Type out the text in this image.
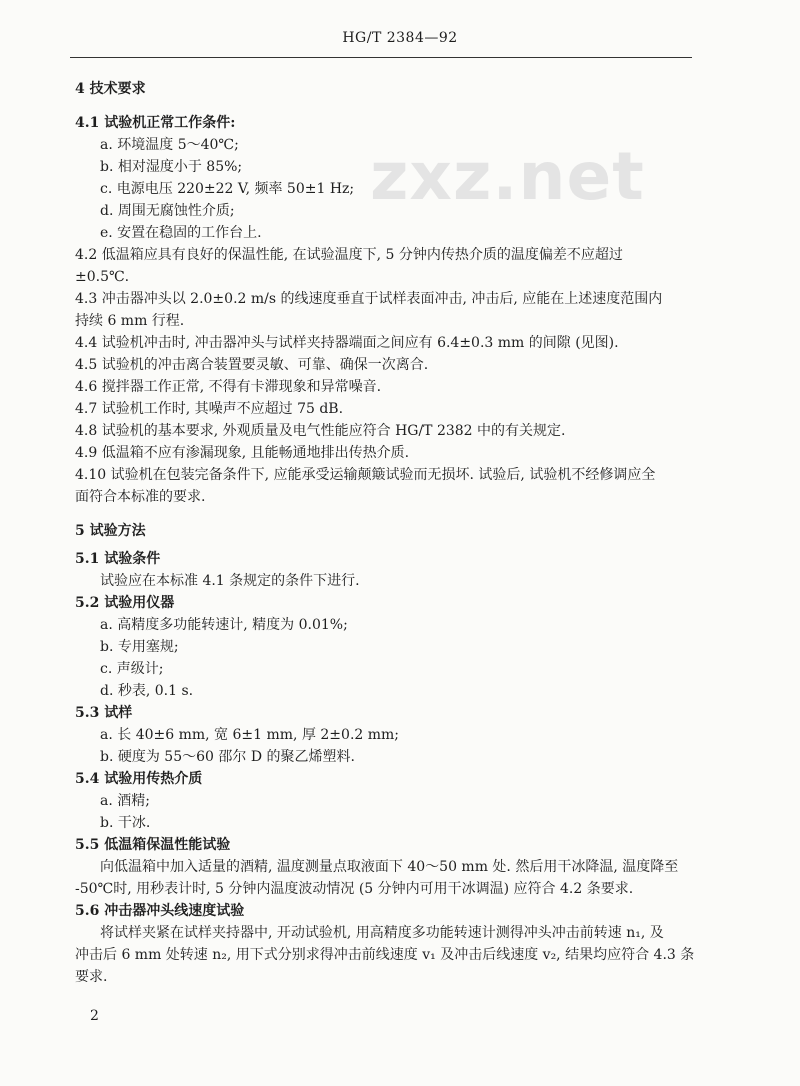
HG/T 2384—92
zxz.net
4 技术要求
4.1 试验机正常工作条件:
a. 环境温度 5～40℃;
b. 相对湿度小于 85%;
c. 电源电压 220±22 V, 频率 50±1 Hz;
d. 周围无腐蚀性介质;
e. 安置在稳固的工作台上.
4.2 低温箱应具有良好的保温性能, 在试验温度下, 5 分钟内传热介质的温度偏差不应超过
±0.5℃.
4.3 冲击器冲头以 2.0±0.2 m/s 的线速度垂直于试样表面冲击, 冲击后, 应能在上述速度范围内
持续 6 mm 行程.
4.4 试验机冲击时, 冲击器冲头与试样夹持器端面之间应有 6.4±0.3 mm 的间隙 (见图).
4.5 试验机的冲击离合装置要灵敏、可靠、确保一次离合.
4.6 搅拌器工作正常, 不得有卡滞现象和异常噪音.
4.7 试验机工作时, 其噪声不应超过 75 dB.
4.8 试验机的基本要求, 外观质量及电气性能应符合 HG/T 2382 中的有关规定.
4.9 低温箱不应有渗漏现象, 且能畅通地排出传热介质.
4.10 试验机在包装完备条件下, 应能承受运输颠簸试验而无损坏. 试验后, 试验机不经修调应全
面符合本标准的要求.
5 试验方法
5.1 试验条件
试验应在本标准 4.1 条规定的条件下进行.
5.2 试验用仪器
a. 高精度多功能转速计, 精度为 0.01%;
b. 专用塞规;
c. 声级计;
d. 秒表, 0.1 s.
5.3 试样
a. 长 40±6 mm, 宽 6±1 mm, 厚 2±0.2 mm;
b. 硬度为 55～60 邵尔 D 的聚乙烯塑料.
5.4 试验用传热介质
a. 酒精;
b. 干冰.
5.5 低温箱保温性能试验
向低温箱中加入适量的酒精, 温度测量点取液面下 40～50 mm 处. 然后用干冰降温, 温度降至
-50℃时, 用秒表计时, 5 分钟内温度波动情况 (5 分钟内可用干冰调温) 应符合 4.2 条要求.
5.6 冲击器冲头线速度试验
将试样夹紧在试样夹持器中, 开动试验机, 用高精度多功能转速计测得冲头冲击前转速 n₁, 及
冲击后 6 mm 处转速 n₂, 用下式分别求得冲击前线速度 v₁ 及冲击后线速度 v₂, 结果均应符合 4.3 条
要求.
2
